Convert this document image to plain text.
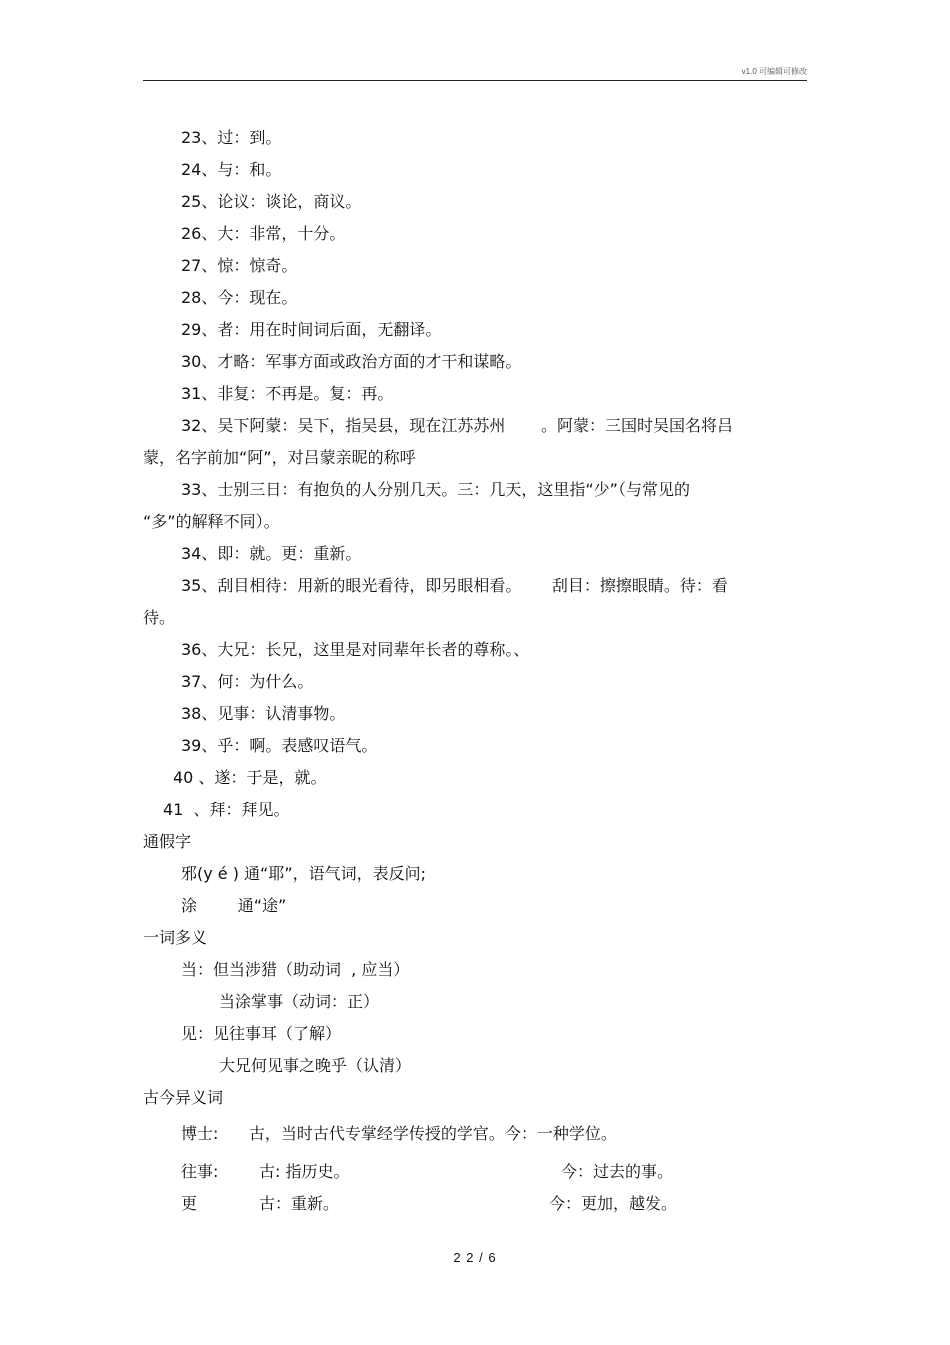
v1.0 可编辑可修改

23、过：到。

24、与：和。

25、论议：谈论，商议。

26、大：非常，十分。

27、惊：惊奇。

28、今：现在。

29、者：用在时间词后面，无翻译。

30、才略：军事方面或政治方面的才干和谋略。

31、非复：不再是。复：再。

32、吴下阿蒙：吴下，指吴县，现在江苏苏州       。阿蒙：三国时吴国名将吕

蒙，名字前加“阿”，对吕蒙亲昵的称呼

33、士别三日：有抱负的人分别几天。三：几天，这里指“少”（与常见的

“多”的解释不同）。

34、即：就。更：重新。

35、刮目相待：用新的眼光看待，即另眼相看。      刮目：擦擦眼睛。待：看

待。

36、大兄：长兄，这里是对同辈年长者的尊称。、

37、何：为什么。

38、见事：认清事物。

39、乎：啊。表感叹语气。

40 、遂：于是，就。

41  、拜：拜见。

通假字

邪(y é ) 通“耶”，语气词，表反问;

涂        通“途”

一词多义

当：但当涉猎（助动词  , 应当）

当涂掌事（动词：正）

见：见往事耳（了解）

大兄何见事之晚乎（认清）

古今异义词

博士:      古，当时古代专掌经学传授的学官。今：一种学位。

往事:	古: 指历史。	今：过去的事。
更	古：重新。	今：更加，越发。
2 2 / 6
